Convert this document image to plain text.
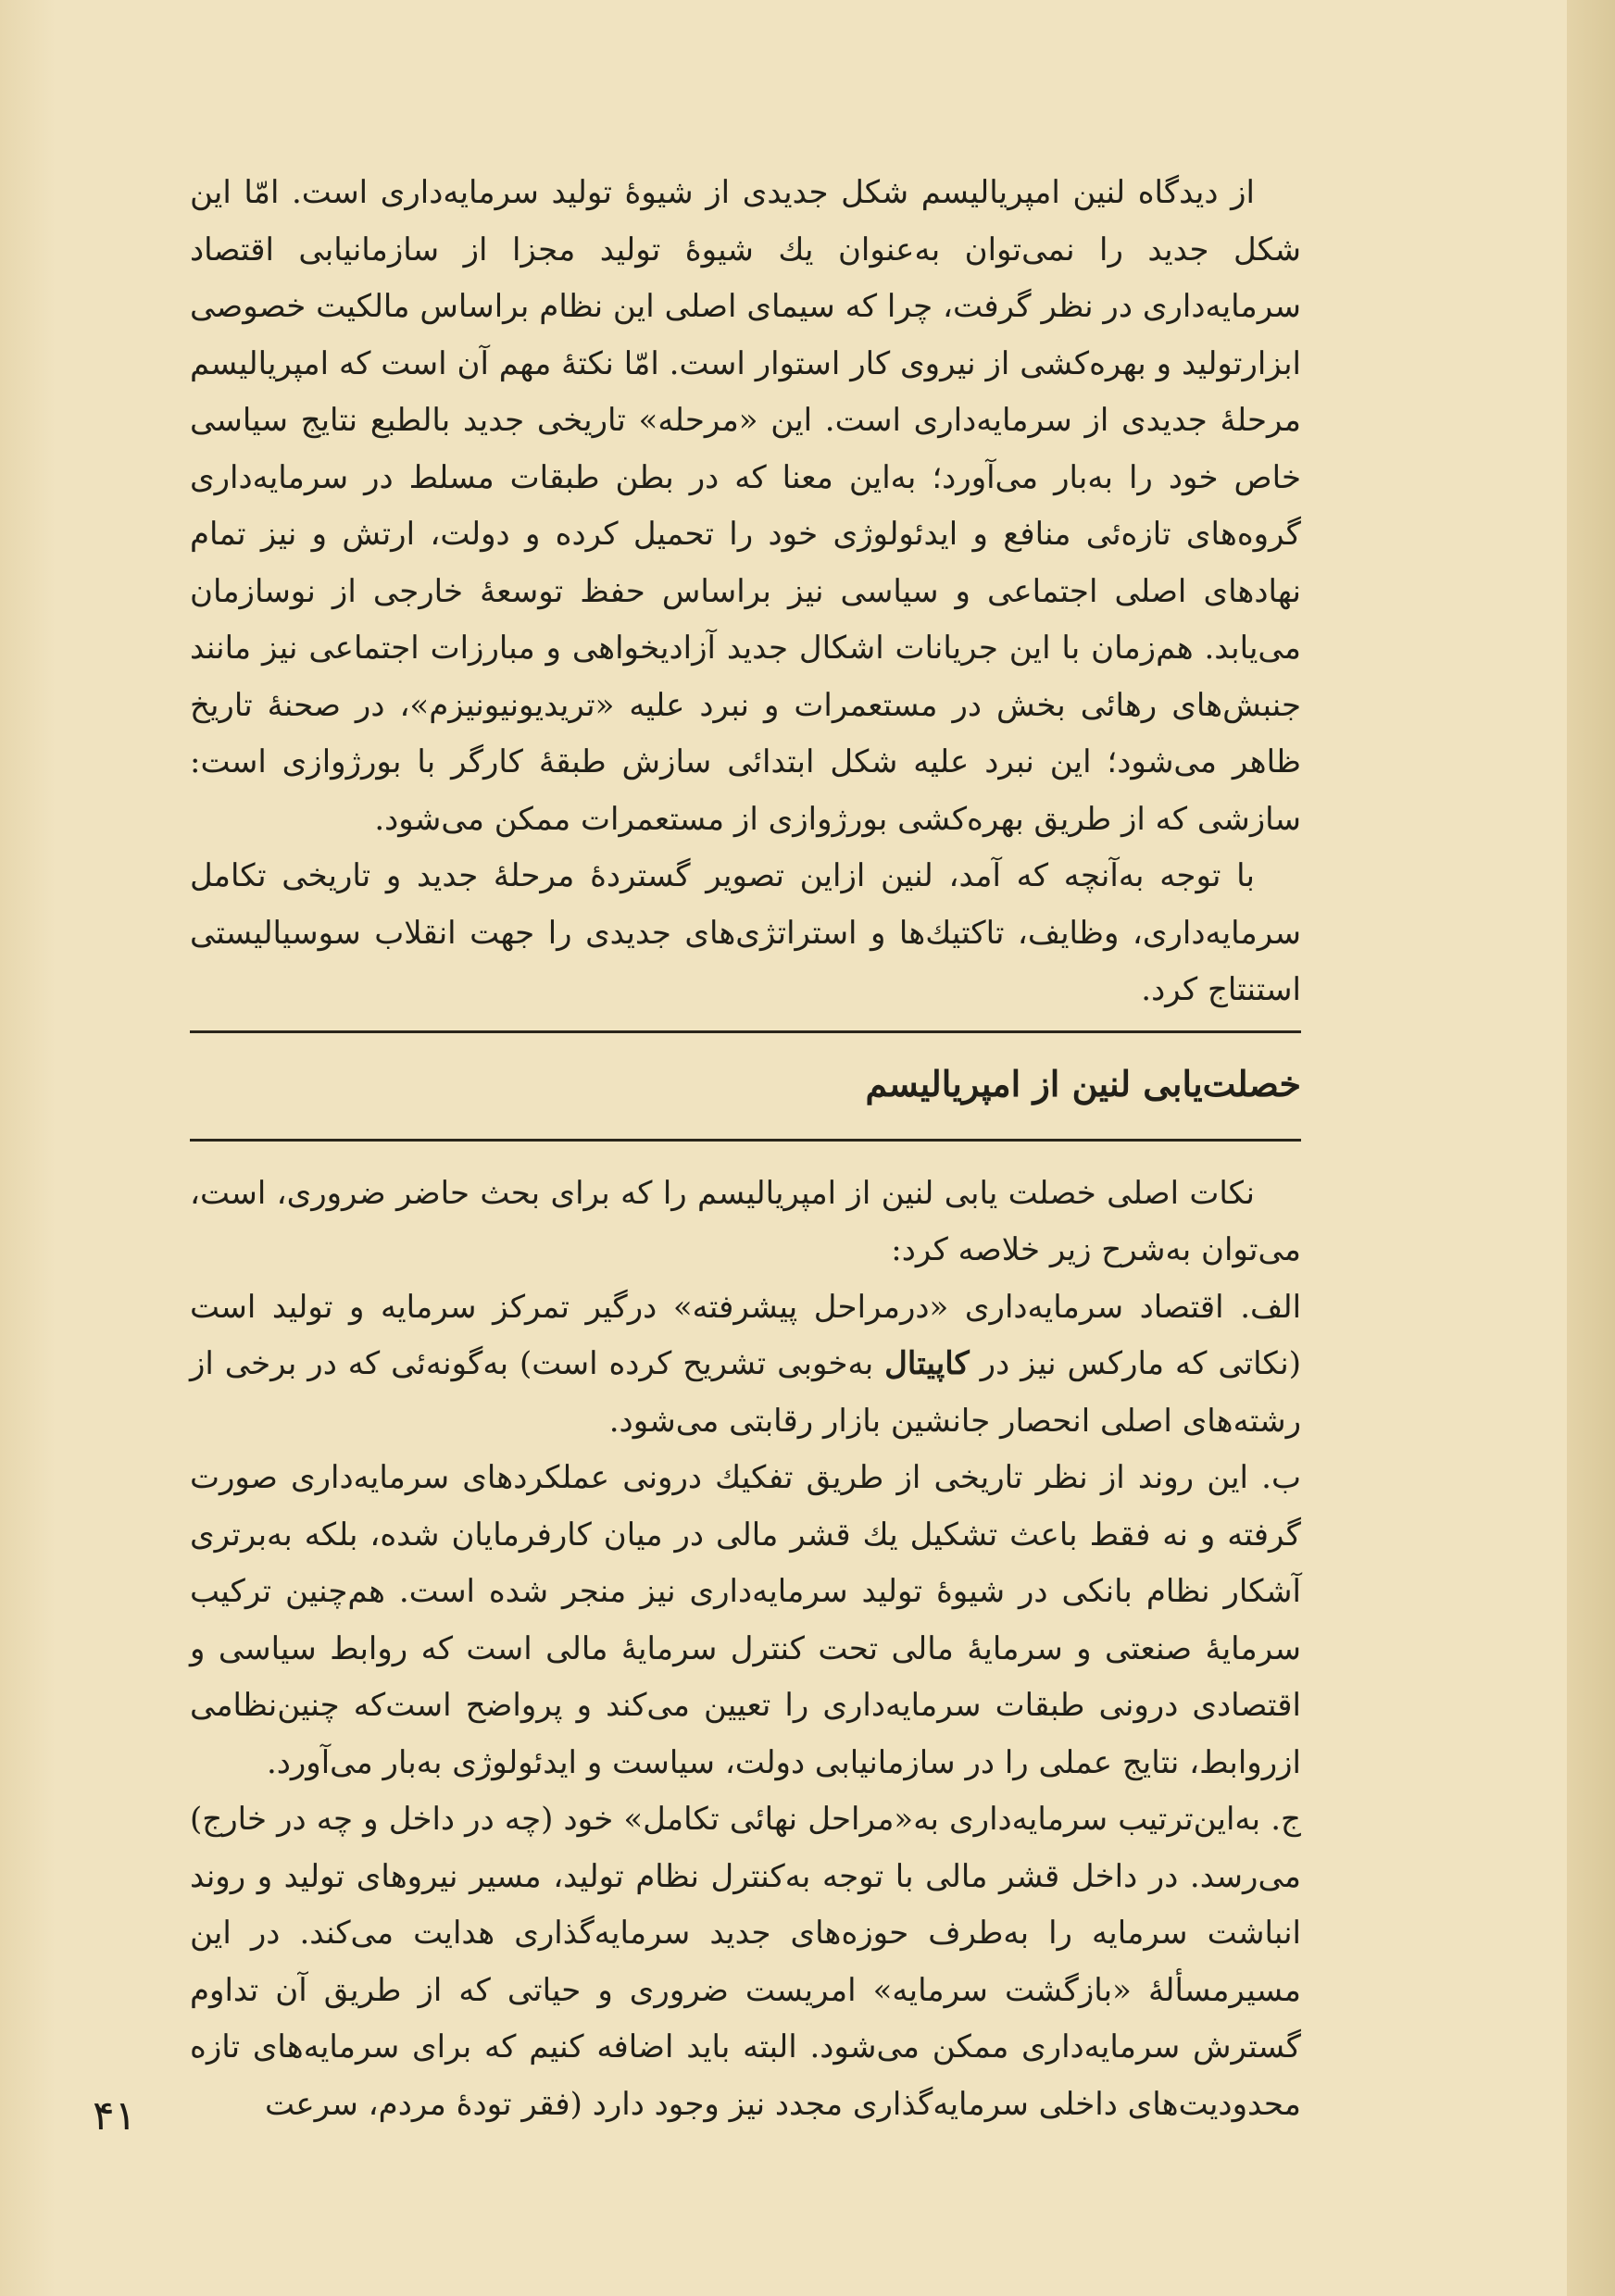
از دیدگاه لنین امپریالیسم شکل جدیدی از شیوهٔ تولید سرمایه‌داری است. امّا این شکل جدید را نمی‌توان به‌عنوان یك شیوهٔ تولید مجزا از سازمانیابی اقتصاد سرمایه‌داری در نظر گرفت، چرا که سیمای اصلی این نظام براساس مالکیت خصوصی ابزارتولید و بهره‌کشی از نیروی کار استوار است. امّا نکتهٔ مهم آن است که امپریالیسم مرحلهٔ جدیدی از سرمایه‌داری است. این «مرحله» تاریخی جدید بالطبع نتایج سیاسی خاص خود را به‌بار می‌آورد؛ به‌این معنا که در بطن طبقات مسلط در سرمایه‌داری گروه‌های تازه‌ئی منافع و ایدئولوژی خود را تحمیل کرده و دولت، ارتش و نیز تمام نهادهای اصلی اجتماعی و سیاسی نیز براساس حفظ توسعهٔ خارجی از نوسازمان می‌یابد. هم‌زمان با این جریانات اشکال جدید آزادیخواهی و مبارزات اجتماعی نیز مانند جنبش‌های رهائی بخش در مستعمرات و نبرد علیه «تریدیونیونیزم»، در صحنهٔ تاریخ ظاهر می‌شود؛ این نبرد علیه شکل ابتدائی سازش طبقهٔ کارگر با بورژوازی است: سازشی که از طریق بهره‌کشی بورژوازی از مستعمرات ممکن می‌شود.

با توجه به‌آنچه که آمد، لنین ازاین تصویر گستردهٔ مرحلهٔ جدید و تاریخی تکامل سرمایه‌داری، وظایف، تاکتیك‌ها و استراتژی‌های جدیدی را جهت انقلاب سوسیالیستی استنتاج کرد.

خصلت‌یابی لنین از امپریالیسم

نکات اصلی خصلت یابی لنین از امپریالیسم را که برای بحث حاضر ضروری، است، می‌توان به‌شرح زیر خلاصه کرد:

الف. اقتصاد سرمایه‌داری «درمراحل پیشرفته» درگیر تمرکز سرمایه و تولید است (نکاتی که مارکس نیز در کاپیتال به‌خوبی تشریح کرده است) به‌گونه‌ئی که در برخی از رشته‌های اصلی انحصار جانشین بازار رقابتی می‌شود.

ب. این روند از نظر تاریخی از طریق تفکیك درونی عملکردهای سرمایه‌داری صورت گرفته و نه فقط باعث تشکیل یك قشر مالی در میان کارفرمایان شده، بلکه به‌برتری آشکار نظام بانکی در شیوهٔ تولید سرمایه‌داری نیز منجر شده است. هم‌چنین ترکیب سرمایهٔ صنعتی و سرمایهٔ مالی تحت کنترل سرمایهٔ مالی است که روابط سیاسی و اقتصادی درونی طبقات سرمایه‌داری را تعیین می‌کند و پرواضح است‌که چنین‌نظامی ازروابط، نتایج عملی را در سازمانیابی دولت، سیاست و ایدئولوژی به‌بار می‌آورد.

ج. به‌این‌ترتیب سرمایه‌داری به«مراحل نهائی تکامل» خود (چه در داخل و چه در خارج) می‌رسد. در داخل قشر مالی با توجه به‌کنترل نظام تولید، مسیر نیروهای تولید و روند انباشت سرمایه را به‌طرف حوزه‌های جدید سرمایه‌گذاری هدایت می‌کند. در این مسیرمسألهٔ «بازگشت سرمایه» امریست ضروری و حیاتی که از طریق آن تداوم گسترش سرمایه‌داری ممکن می‌شود. البته باید اضافه کنیم که برای سرمایه‌های تازه محدودیت‌های داخلی سرمایه‌گذاری مجدد نیز وجود دارد (فقر تودهٔ مردم، سرعت

۴۱
